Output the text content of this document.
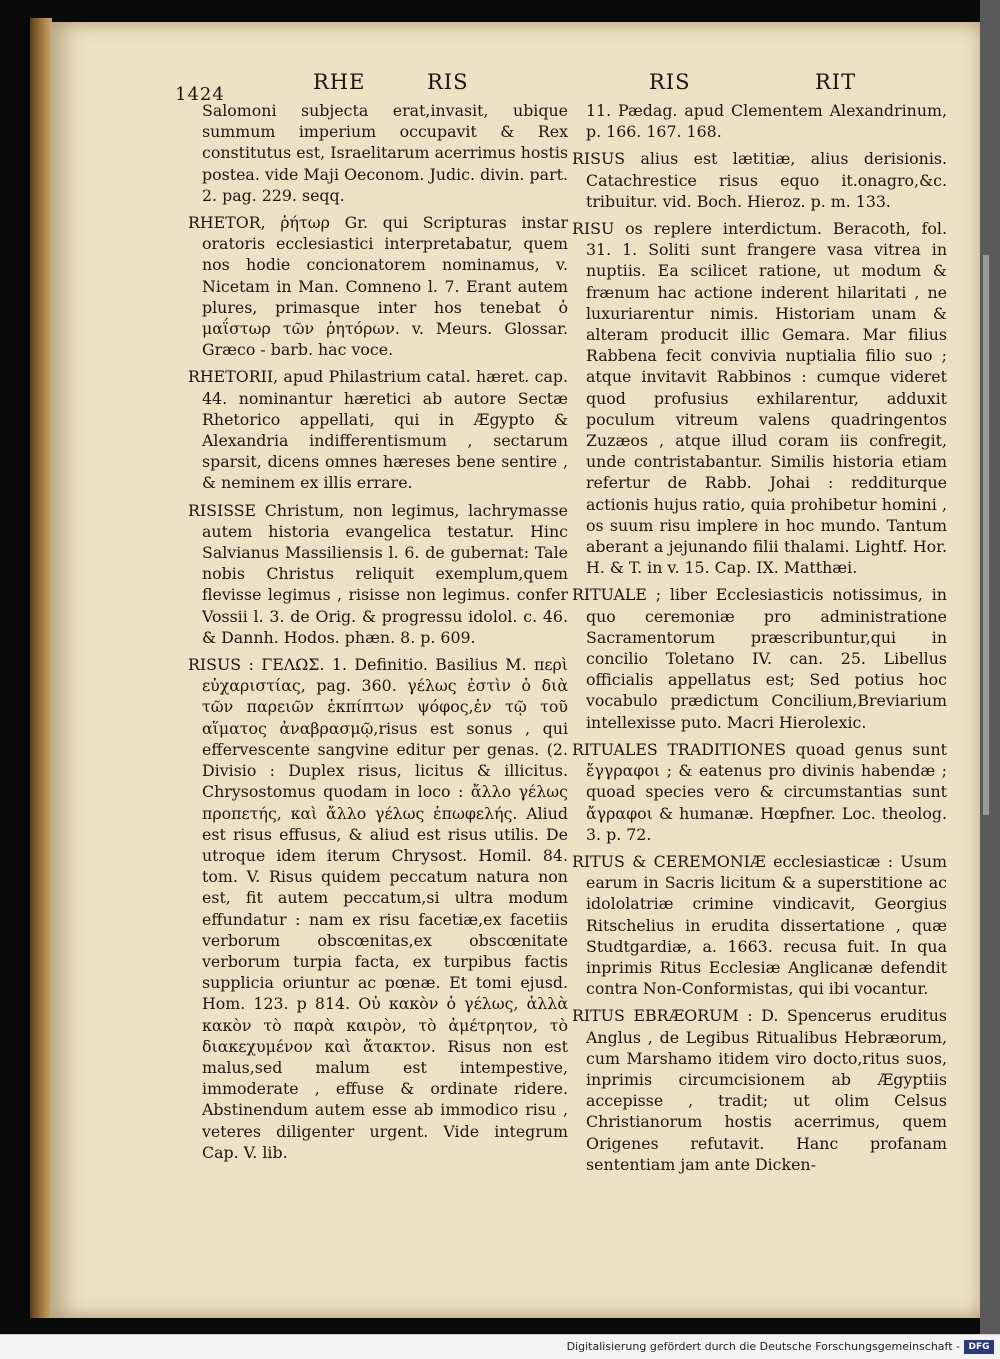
1424
RHE	RIS	RIS	RIT

Salomoni subjecta erat,invasit, ubique summum imperium occupavit & Rex constitutus est, Israelitarum acerrimus hostis postea. vide Maji Oeconom. Judic. divin. part. 2. pag. 229. seqq.

RHETOR, ῥήτωρ Gr. qui Scripturas instar oratoris ecclesiastici interpretabatur, quem nos hodie concionatorem nominamus, v. Nicetam in Man. Comneno l. 7. Erant autem plures, primasque inter hos tenebat ὁ μαΐστωρ τῶν ῥητόρων. v. Meurs. Glossar. Græco - barb. hac voce.

RHETORII, apud Philastrium catal. hæret. cap. 44. nominantur hæretici ab autore Sectæ Rhetorico appellati, qui in Ægypto & Alexandria indifferentismum , sectarum sparsit, dicens omnes hæreses bene sentire , & neminem ex illis errare.

RISISSE Christum, non legimus, lachrymasse autem historia evangelica testatur. Hinc Salvianus Massiliensis l. 6. de gubernat: Tale nobis Christus reliquit exemplum,quem flevisse legimus , risisse non legimus. confer Vossii l. 3. de Orig. & progressu idolol. c. 46. & Dannh. Hodos. phæn. 8. p. 609.

RISUS : ΓΕΛΩΣ. 1. Definitio. Basilius M. περὶ εὐχαριστίας, pag. 360. γέλως ἐστὶν ὁ διὰ τῶν παρειῶν ἐκπίπτων ψόφος,ἐν τῷ τοῦ αἵματος ἀναβρασμῷ,risus est sonus , qui effervescente sangvine editur per genas. (2. Divisio : Duplex risus, licitus & illicitus. Chrysostomus quodam in loco : ἄλλο γέλως προπετής, καὶ ἄλλο γέλως ἐπωφελής. Aliud est risus effusus, & aliud est risus utilis. De utroque idem iterum Chrysost. Homil. 84. tom. V. Risus quidem peccatum natura non est, fit autem peccatum,si ultra modum effundatur : nam ex risu facetiæ,ex facetiis verborum obscœnitas,ex obscœnitate verborum turpia facta, ex turpibus factis supplicia oriuntur ac pœnæ. Et tomi ejusd. Hom. 123. p 814. Οὐ κακὸν ὁ γέλως, ἀλλὰ κακὸν τὸ παρὰ καιρὸν, τὸ ἀμέτρητον, τὸ διακεχυμένον καὶ ἄτακτον. Risus non est malus,sed malum est intempestive, immoderate , effuse & ordinate ridere. Abstinendum autem esse ab immodico risu , veteres diligenter urgent. Vide integrum Cap. V. lib.

11. Pædag. apud Clementem Alexandrinum, p. 166. 167. 168.

RISUS alius est lætitiæ, alius derisionis. Catachrestice risus equo it.onagro,&c. tribuitur. vid. Boch. Hieroz. p. m. 133.

RISU os replere interdictum. Beracoth, fol. 31. 1. Soliti sunt frangere vasa vitrea in nuptiis. Ea scilicet ratione, ut modum & frænum hac actione inderent hilaritati , ne luxuriarentur nimis. Historiam unam & alteram producit illic Gemara. Mar filius Rabbena fecit convivia nuptialia filio suo ; atque invitavit Rabbinos : cumque videret quod profusius exhilarentur, adduxit poculum vitreum valens quadringentos Zuzæos , atque illud coram iis confregit, unde contristabantur. Similis historia etiam refertur de Rabb. Johai : redditurque actionis hujus ratio, quia prohibetur homini , os suum risu implere in hoc mundo. Tantum aberant a jejunando filii thalami. Lightf. Hor. H. & T. in v. 15. Cap. IX. Matthæi.

RITUALE ; liber Ecclesiasticis notissimus, in quo ceremoniæ pro administratione Sacramentorum præscribuntur,qui in concilio Toletano IV. can. 25. Libellus officialis appellatus est; Sed potius hoc vocabulo prædictum Concilium,Breviarium intellexisse puto. Macri Hierolexic.

RITUALES TRADITIONES quoad genus sunt ἔγγραφοι ; & eatenus pro divinis habendæ ; quoad species vero & circumstantias sunt ἄγραφοι & humanæ. Hœpfner. Loc. theolog. 3. p. 72.

RITUS & CEREMONIÆ ecclesiasticæ : Usum earum in Sacris licitum & a superstitione ac idololatriæ crimine vindicavit, Georgius Ritschelius in erudita dissertatione , quæ Studtgardiæ, a. 1663. recusa fuit. In qua inprimis Ritus Ecclesiæ Anglicanæ defendit contra Non-Conformistas, qui ibi vocantur.

RITUS EBRÆORUM : D. Spencerus eruditus Anglus , de Legibus Ritualibus Hebræorum, cum Marshamo itidem viro docto,ritus suos, inprimis circumcisionem ab Ægyptiis accepisse , tradit; ut olim Celsus Christianorum hostis acerrimus, quem Origenes refutavit. Hanc profanam sententiam jam ante Dicken-

Digitalisierung gefördert durch die Deutsche Forschungsgemeinschaft - DFG
